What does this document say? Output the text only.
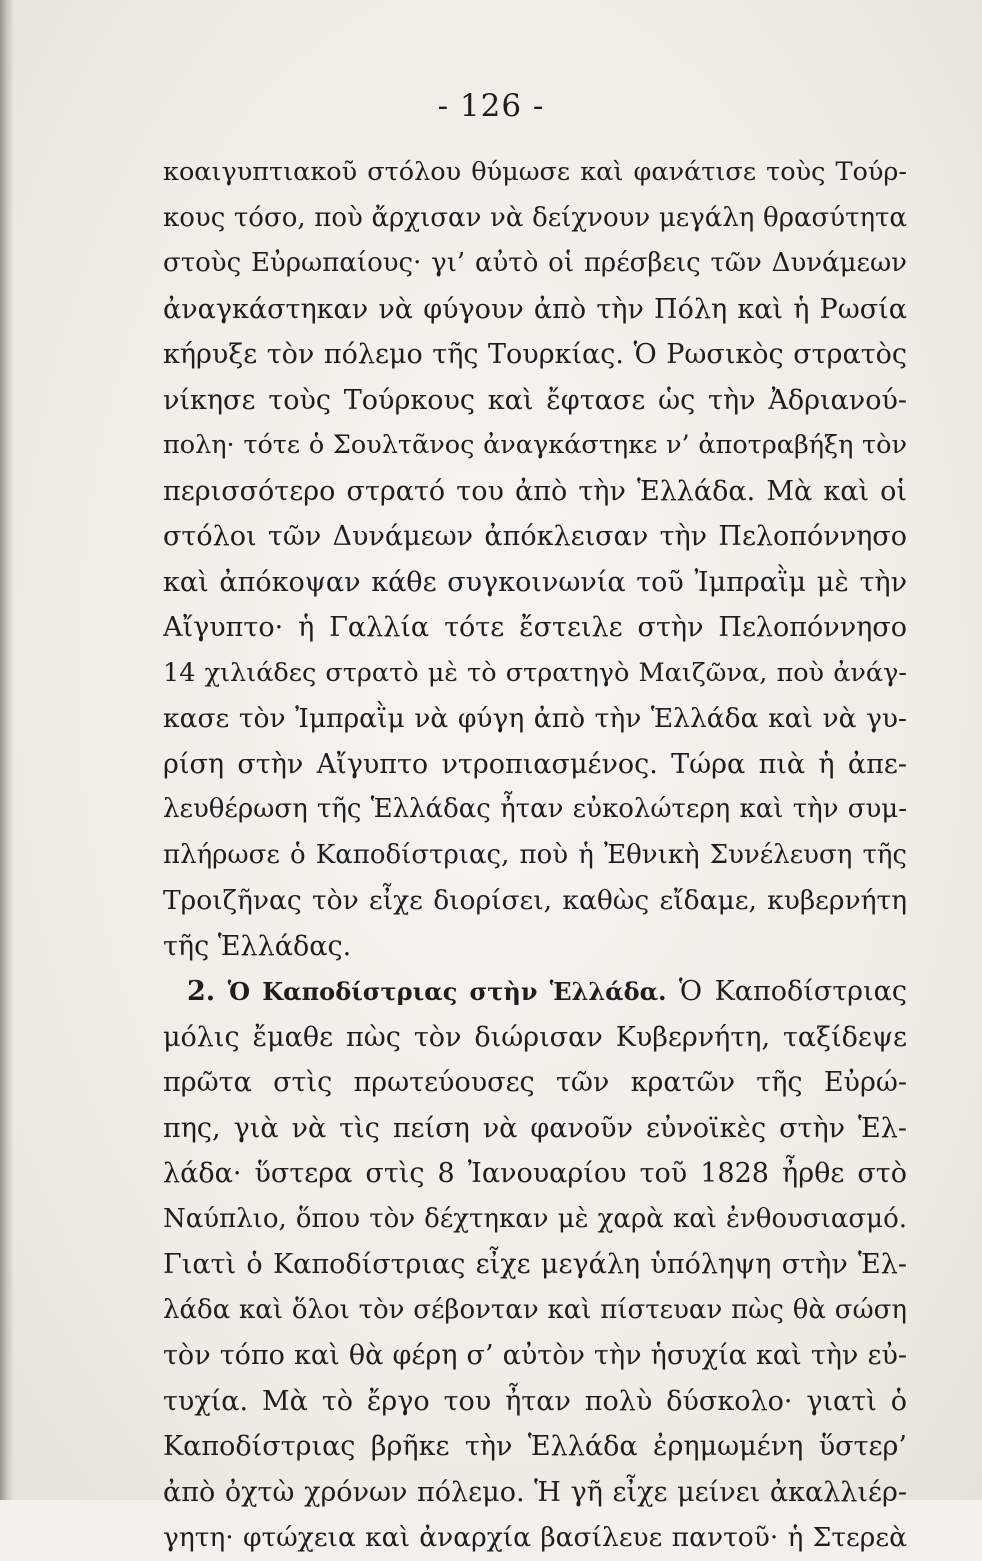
- 126 -
κοαιγυπτιακοῦ στόλου θύμωσε καὶ φανάτισε τοὺς Τούρ-
κους τόσο, ποὺ ἄρχισαν νὰ δείχνουν μεγάλη θρασύτητα
στοὺς Εὐρωπαίους· γι’ αὐτὸ οἱ πρέσβεις τῶν Δυνάμεων
ἀναγκάστηκαν νὰ φύγουν ἀπὸ τὴν Πόλη καὶ ἡ Ρωσία
κήρυξε τὸν πόλεμο τῆς Τουρκίας. Ὁ Ρωσικὸς στρατὸς
νίκησε τοὺς Τούρκους καὶ ἔφτασε ὡς τὴν Ἀδριανού-
πολη· τότε ὁ Σουλτᾶνος ἀναγκάστηκε ν’ ἀποτραβήξη τὸν
περισσότερο στρατό του ἀπὸ τὴν Ἑλλάδα. Μὰ καὶ οἱ
στόλοι τῶν Δυνάμεων ἀπόκλεισαν τὴν Πελοπόννησο
καὶ ἀπόκοψαν κάθε συγκοινωνία τοῦ Ἰμπραῒμ μὲ τὴν
Αἴγυπτο· ἡ Γαλλία τότε ἔστειλε στὴν Πελοπόννησο
14 χιλιάδες στρατὸ μὲ τὸ στρατηγὸ Μαιζῶνα, ποὺ ἀνάγ-
κασε τὸν Ἰμπραῒμ νὰ φύγη ἀπὸ τὴν Ἑλλάδα καὶ νὰ γυ-
ρίση στὴν Αἴγυπτο ντροπιασμένος. Τώρα πιὰ ἡ ἀπε-
λευθέρωση τῆς Ἑλλάδας ἦταν εὐκολώτερη καὶ τὴν συμ-
πλήρωσε ὁ Καποδίστριας, ποὺ ἡ Ἐθνικὴ Συνέλευση τῆς
Τροιζῆνας τὸν εἶχε διορίσει, καθὼς εἴδαμε, κυβερνήτη
τῆς Ἑλλάδας.
2. Ὁ Καποδίστριας στὴν Ἑλλάδα. Ὁ Καποδίστριας
μόλις ἔμαθε πὼς τὸν διώρισαν Κυβερνήτη, ταξίδεψε
πρῶτα στὶς πρωτεύουσες τῶν κρατῶν τῆς Εὐρώ-
πης, γιὰ νὰ τὶς πείση νὰ φανοῦν εὐνοϊκὲς στὴν Ἑλ-
λάδα· ὕστερα στὶς 8 Ἰανουαρίου τοῦ 1828 ἦρθε στὸ
Ναύπλιο, ὅπου τὸν δέχτηκαν μὲ χαρὰ καὶ ἐνθουσιασμό.
Γιατὶ ὁ Καποδίστριας εἶχε μεγάλη ὑπόληψη στὴν Ἑλ-
λάδα καὶ ὅλοι τὸν σέβονταν καὶ πίστευαν πὼς θὰ σώση
τὸν τόπο καὶ θὰ φέρη σ’ αὐτὸν τὴν ἡσυχία καὶ τὴν εὐ-
τυχία. Μὰ τὸ ἔργο του ἦταν πολὺ δύσκολο· γιατὶ ὁ
Καποδίστριας βρῆκε τὴν Ἑλλάδα ἐρημωμένη ὕστερ’
ἀπὸ ὀχτὼ χρόνων πόλεμο. Ἡ γῆ εἶχε μείνει ἀκαλλιέρ-
γητη· φτώχεια καὶ ἀναρχία βασίλευε παντοῦ· ἡ Στερεὰ
